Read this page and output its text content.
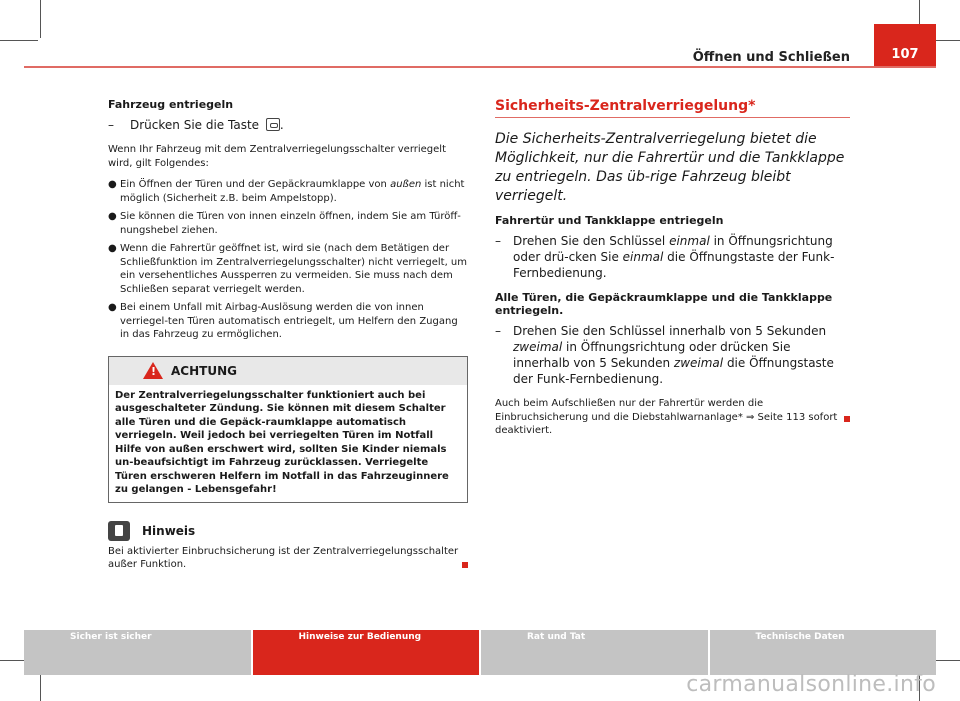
Öffnen und Schließen	107
Fahrzeug entriegeln
–	Drücken Sie die Taste .
Wenn Ihr Fahrzeug mit dem Zentralverriegelungsschalter verriegelt wird, gilt Folgendes:
● Ein Öffnen der Türen und der Gepäckraumklappe von außen ist nicht möglich (Sicherheit z.B. beim Ampelstopp).
● Sie können die Türen von innen einzeln öffnen, indem Sie am Türöff-nungshebel ziehen.
● Wenn die Fahrertür geöffnet ist, wird sie (nach dem Betätigen der Schließfunktion im Zentralverriegelungsschalter) nicht verriegelt, um ein versehentliches Aussperren zu vermeiden. Sie muss nach dem Schließen separat verriegelt werden.
● Bei einem Unfall mit Airbag-Auslösung werden die von innen verriegel-ten Türen automatisch entriegelt, um Helfern den Zugang in das Fahrzeug zu ermöglichen.
! ACHTUNG
Der Zentralverriegelungsschalter funktioniert auch bei ausgeschalteter Zündung. Sie können mit diesem Schalter alle Türen und die Gepäck-raumklappe automatisch verriegeln. Weil jedoch bei verriegelten Türen im Notfall Hilfe von außen erschwert wird, sollten Sie Kinder niemals un-beaufsichtigt im Fahrzeug zurücklassen. Verriegelte Türen erschweren Helfern im Notfall in das Fahrzeuginnere zu gelangen - Lebensgefahr!
Hinweis
Bei aktivierter Einbruchsicherung ist der Zentralverriegelungsschalter außer Funktion.
Sicherheits-Zentralverriegelung*
Die Sicherheits-Zentralverriegelung bietet die Möglichkeit, nur die Fahrertür und die Tankklappe zu entriegeln. Das üb-rige Fahrzeug bleibt verriegelt.
Fahrertür und Tankklappe entriegeln
–	Drehen Sie den Schlüssel einmal in Öffnungsrichtung oder drü-cken Sie einmal die Öffnungstaste der Funk-Fernbedienung.
Alle Türen, die Gepäckraumklappe und die Tankklappe entriegeln.
–	Drehen Sie den Schlüssel innerhalb von 5 Sekunden zweimal in Öffnungsrichtung oder drücken Sie innerhalb von 5 Sekunden zweimal die Öffnungstaste der Funk-Fernbedienung.
Auch beim Aufschließen nur der Fahrertür werden die Einbruchsicherung und die Diebstahlwarnanlage* ⇒ Seite 113 sofort deaktiviert.
Sicher ist sicher	Hinweise zur Bedienung	Rat und Tat	Technische Daten
carmanualsonline.info
